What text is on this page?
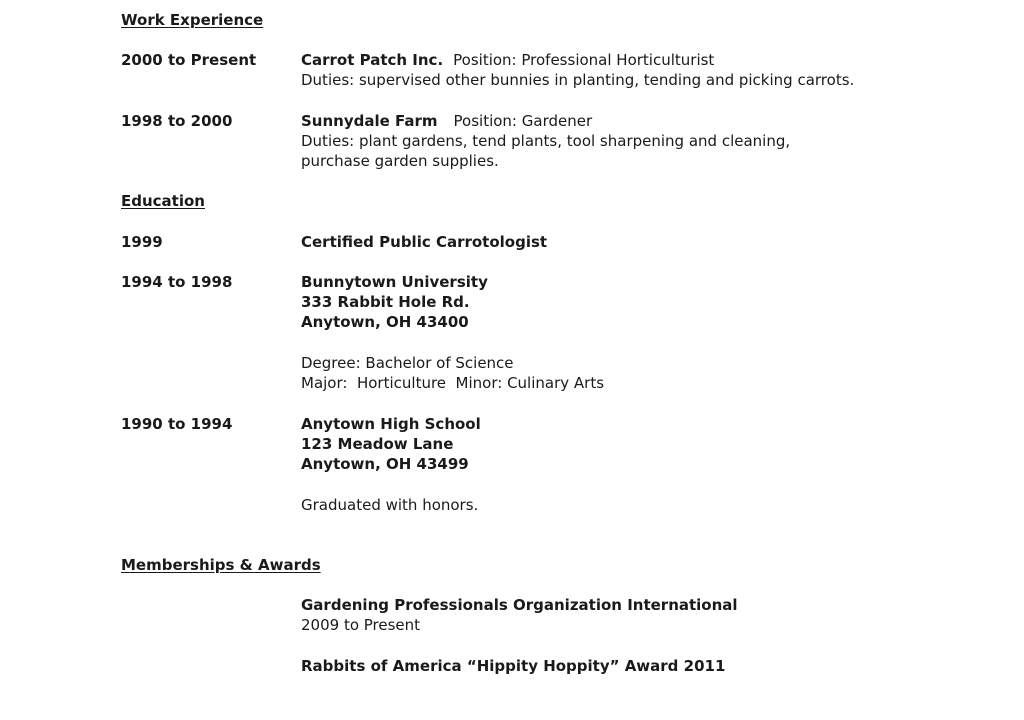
Work Experience
2000 to Present	Carrot Patch Inc. Position: Professional Horticulturist
Duties: supervised other bunnies in planting, tending and picking carrots.
1998 to 2000	Sunnydale Farm Position: Gardener
Duties: plant gardens, tend plants, tool sharpening and cleaning,
purchase garden supplies.
Education
1999	Certified Public Carrotologist
1994 to 1998	Bunnytown University
333 Rabbit Hole Rd.
Anytown, OH 43400
Degree: Bachelor of Science
Major:  Horticulture  Minor: Culinary Arts
1990 to 1994	Anytown High School
123 Meadow Lane
Anytown, OH 43499
Graduated with honors.
Memberships & Awards
Gardening Professionals Organization International
2009 to Present
Rabbits of America “Hippity Hoppity” Award 2011
